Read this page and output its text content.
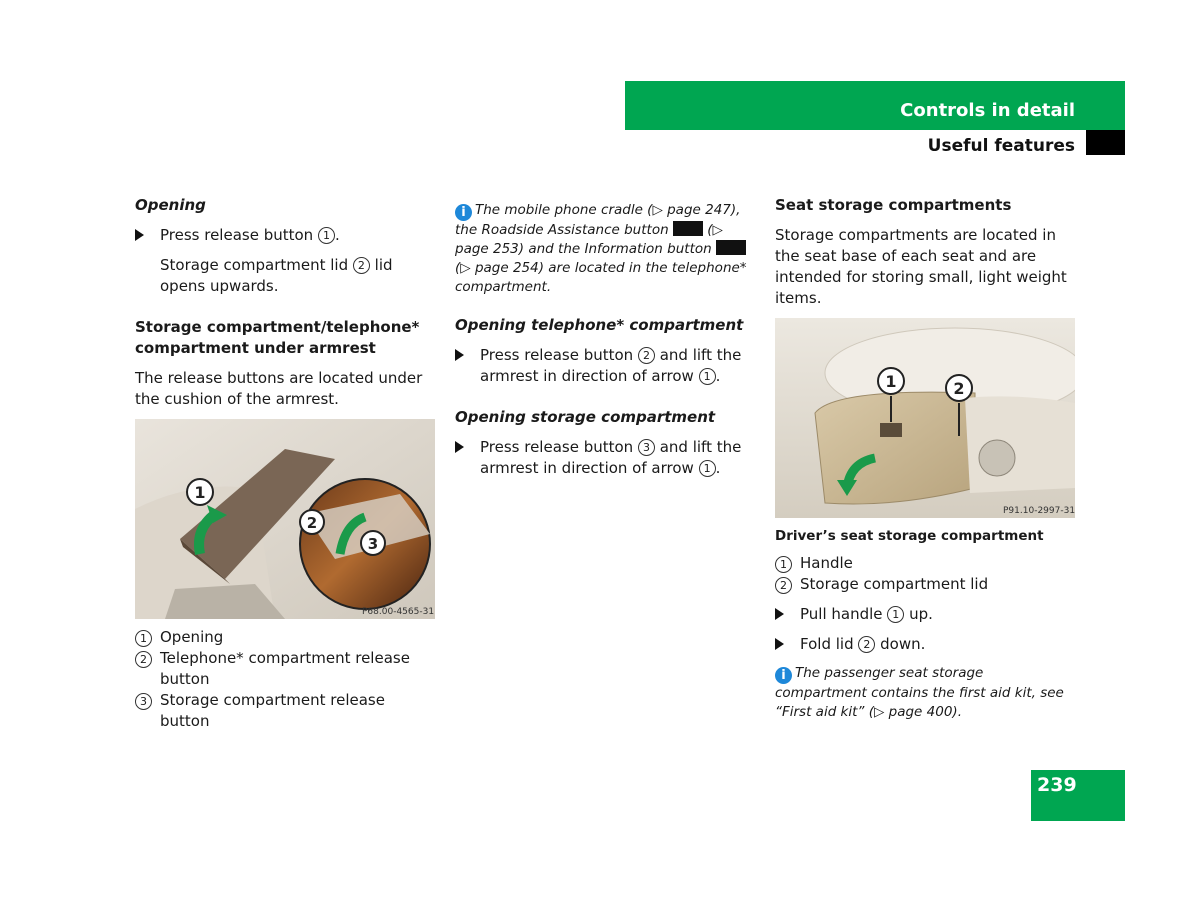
Controls in detail
Useful features
Opening
Press release button 1 .

Storage compartment lid 2 lid opens upwards.

Storage compartment/telephone* compartment under armrest

The release buttons are located under the cushion of the armrest.

1
2
3
P68.00-4565-31
1 Opening
2 Telephone* compartment release button
3 Storage compartment release button

i The mobile phone cradle (▷ page 247), the Roadside Assistance button  (▷ page 253) and the Information button  (▷ page 254) are located in the telephone* compartment.

Opening telephone* compartment
Press release button 2 and lift the armrest in direction of arrow 1 .
Opening storage compartment
Press release button 3 and lift the armrest in direction of arrow 1 .
Seat storage compartments

Storage compartments are located in the seat base of each seat and are intended for storing small, light weight items.

1	2
P91.10-2997-31
Driver’s seat storage compartment
1 Handle
2 Storage compartment lid
Pull handle 1 up.
Fold lid 2 down.

i The passenger seat storage compartment contains the first aid kit, see “First aid kit” (▷ page 400).

239
